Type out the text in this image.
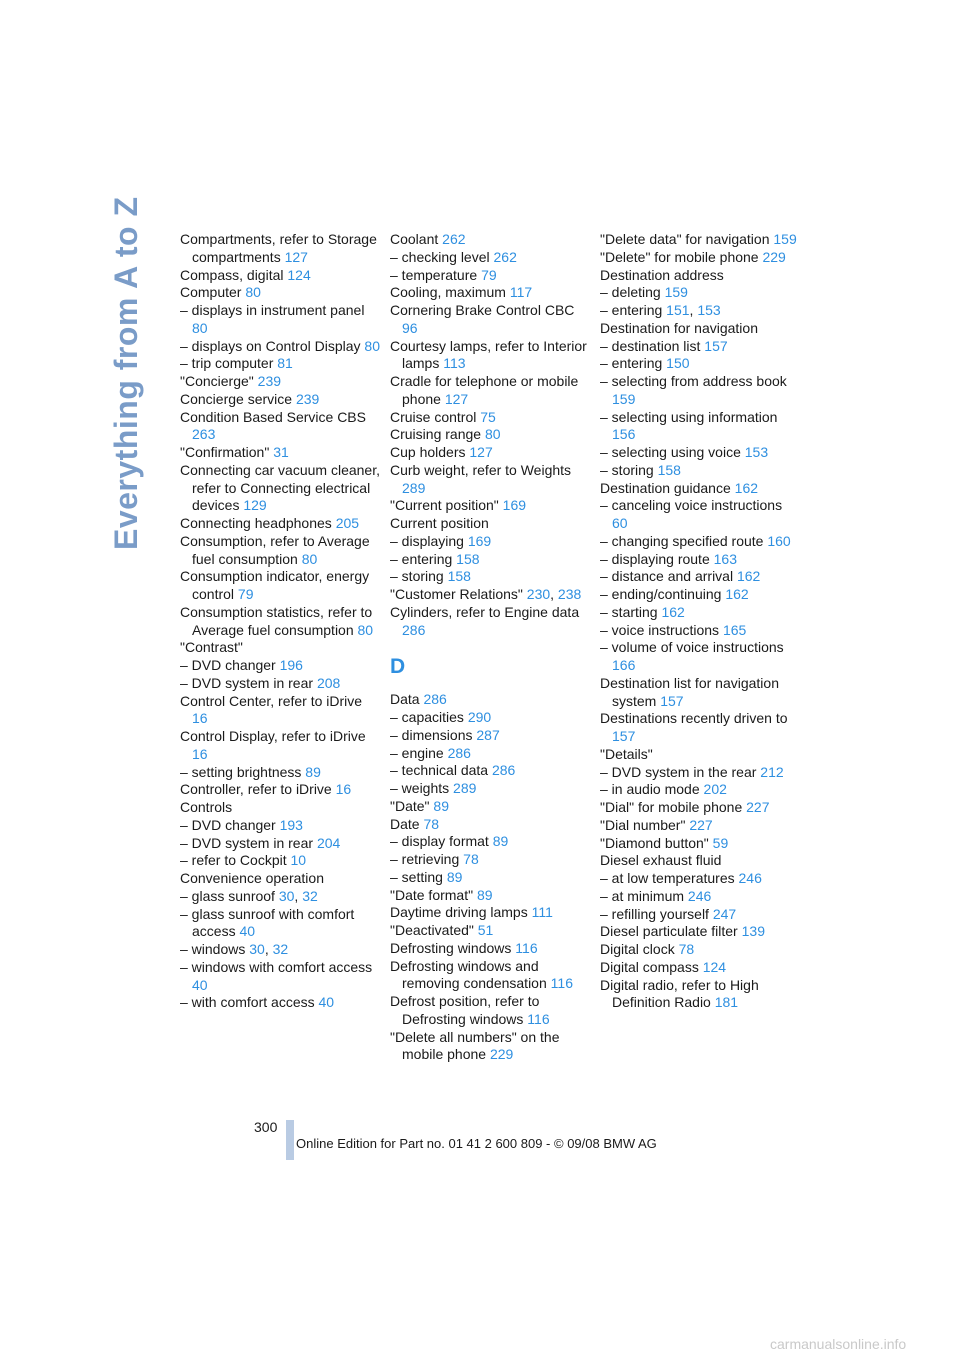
Everything from A to Z	Compartments, refer to Storage compartments 127
Compass, digital 124
Computer 80
– displays in instrument panel 80
– displays on Control Display 80
– trip computer 81
"Concierge" 239
Concierge service 239
Condition Based Service CBS 263
"Confirmation" 31
Connecting car vacuum cleaner, refer to Connecting electrical devices 129
Connecting headphones 205
Consumption, refer to Average fuel consumption 80
Consumption indicator, energy control 79
Consumption statistics, refer to Average fuel consumption 80
"Contrast"
– DVD changer 196
– DVD system in rear 208
Control Center, refer to iDrive 16
Control Display, refer to iDrive 16
– setting brightness 89
Controller, refer to iDrive 16
Controls
– DVD changer 193
– DVD system in rear 204
– refer to Cockpit 10
Convenience operation
– glass sunroof 30, 32
– glass sunroof with comfort access 40
– windows 30, 32
– windows with comfort access 40
– with comfort access 40
Coolant 262
– checking level 262
– temperature 79
Cooling, maximum 117
Cornering Brake Control CBC 96
Courtesy lamps, refer to Interior lamps 113
Cradle for telephone or mobile phone 127
Cruise control 75
Cruising range 80
Cup holders 127
Curb weight, refer to Weights 289
"Current position" 169
Current position
– displaying 169
– entering 158
– storing 158
"Customer Relations" 230, 238
Cylinders, refer to Engine data 286
D
Data 286
– capacities 290
– dimensions 287
– engine 286
– technical data 286
– weights 289
"Date" 89
Date 78
– display format 89
– retrieving 78
– setting 89
"Date format" 89
Daytime driving lamps 111
"Deactivated" 51
Defrosting windows 116
Defrosting windows and removing condensation 116
Defrost position, refer to Defrosting windows 116
"Delete all numbers" on the mobile phone 229
"Delete data" for navigation 159
"Delete" for mobile phone 229
Destination address
– deleting 159
– entering 151, 153
Destination for navigation
– destination list 157
– entering 150
– selecting from address book 159
– selecting using information 156
– selecting using voice 153
– storing 158
Destination guidance 162
– canceling voice instructions 60
– changing specified route 160
– displaying route 163
– distance and arrival 162
– ending/continuing 162
– starting 162
– voice instructions 165
– volume of voice instructions 166
Destination list for navigation system 157
Destinations recently driven to 157
"Details"
– DVD system in the rear 212
– in audio mode 202
"Dial" for mobile phone 227
"Dial number" 227
"Diamond button" 59
Diesel exhaust fluid
– at low temperatures 246
– at minimum 246
– refilling yourself 247
Diesel particulate filter 139
Digital clock 78
Digital compass 124
Digital radio, refer to High Definition Radio 181
300
Online Edition for Part no. 01 41 2 600 809 - © 09/08 BMW AG
carmanualsonline.info
